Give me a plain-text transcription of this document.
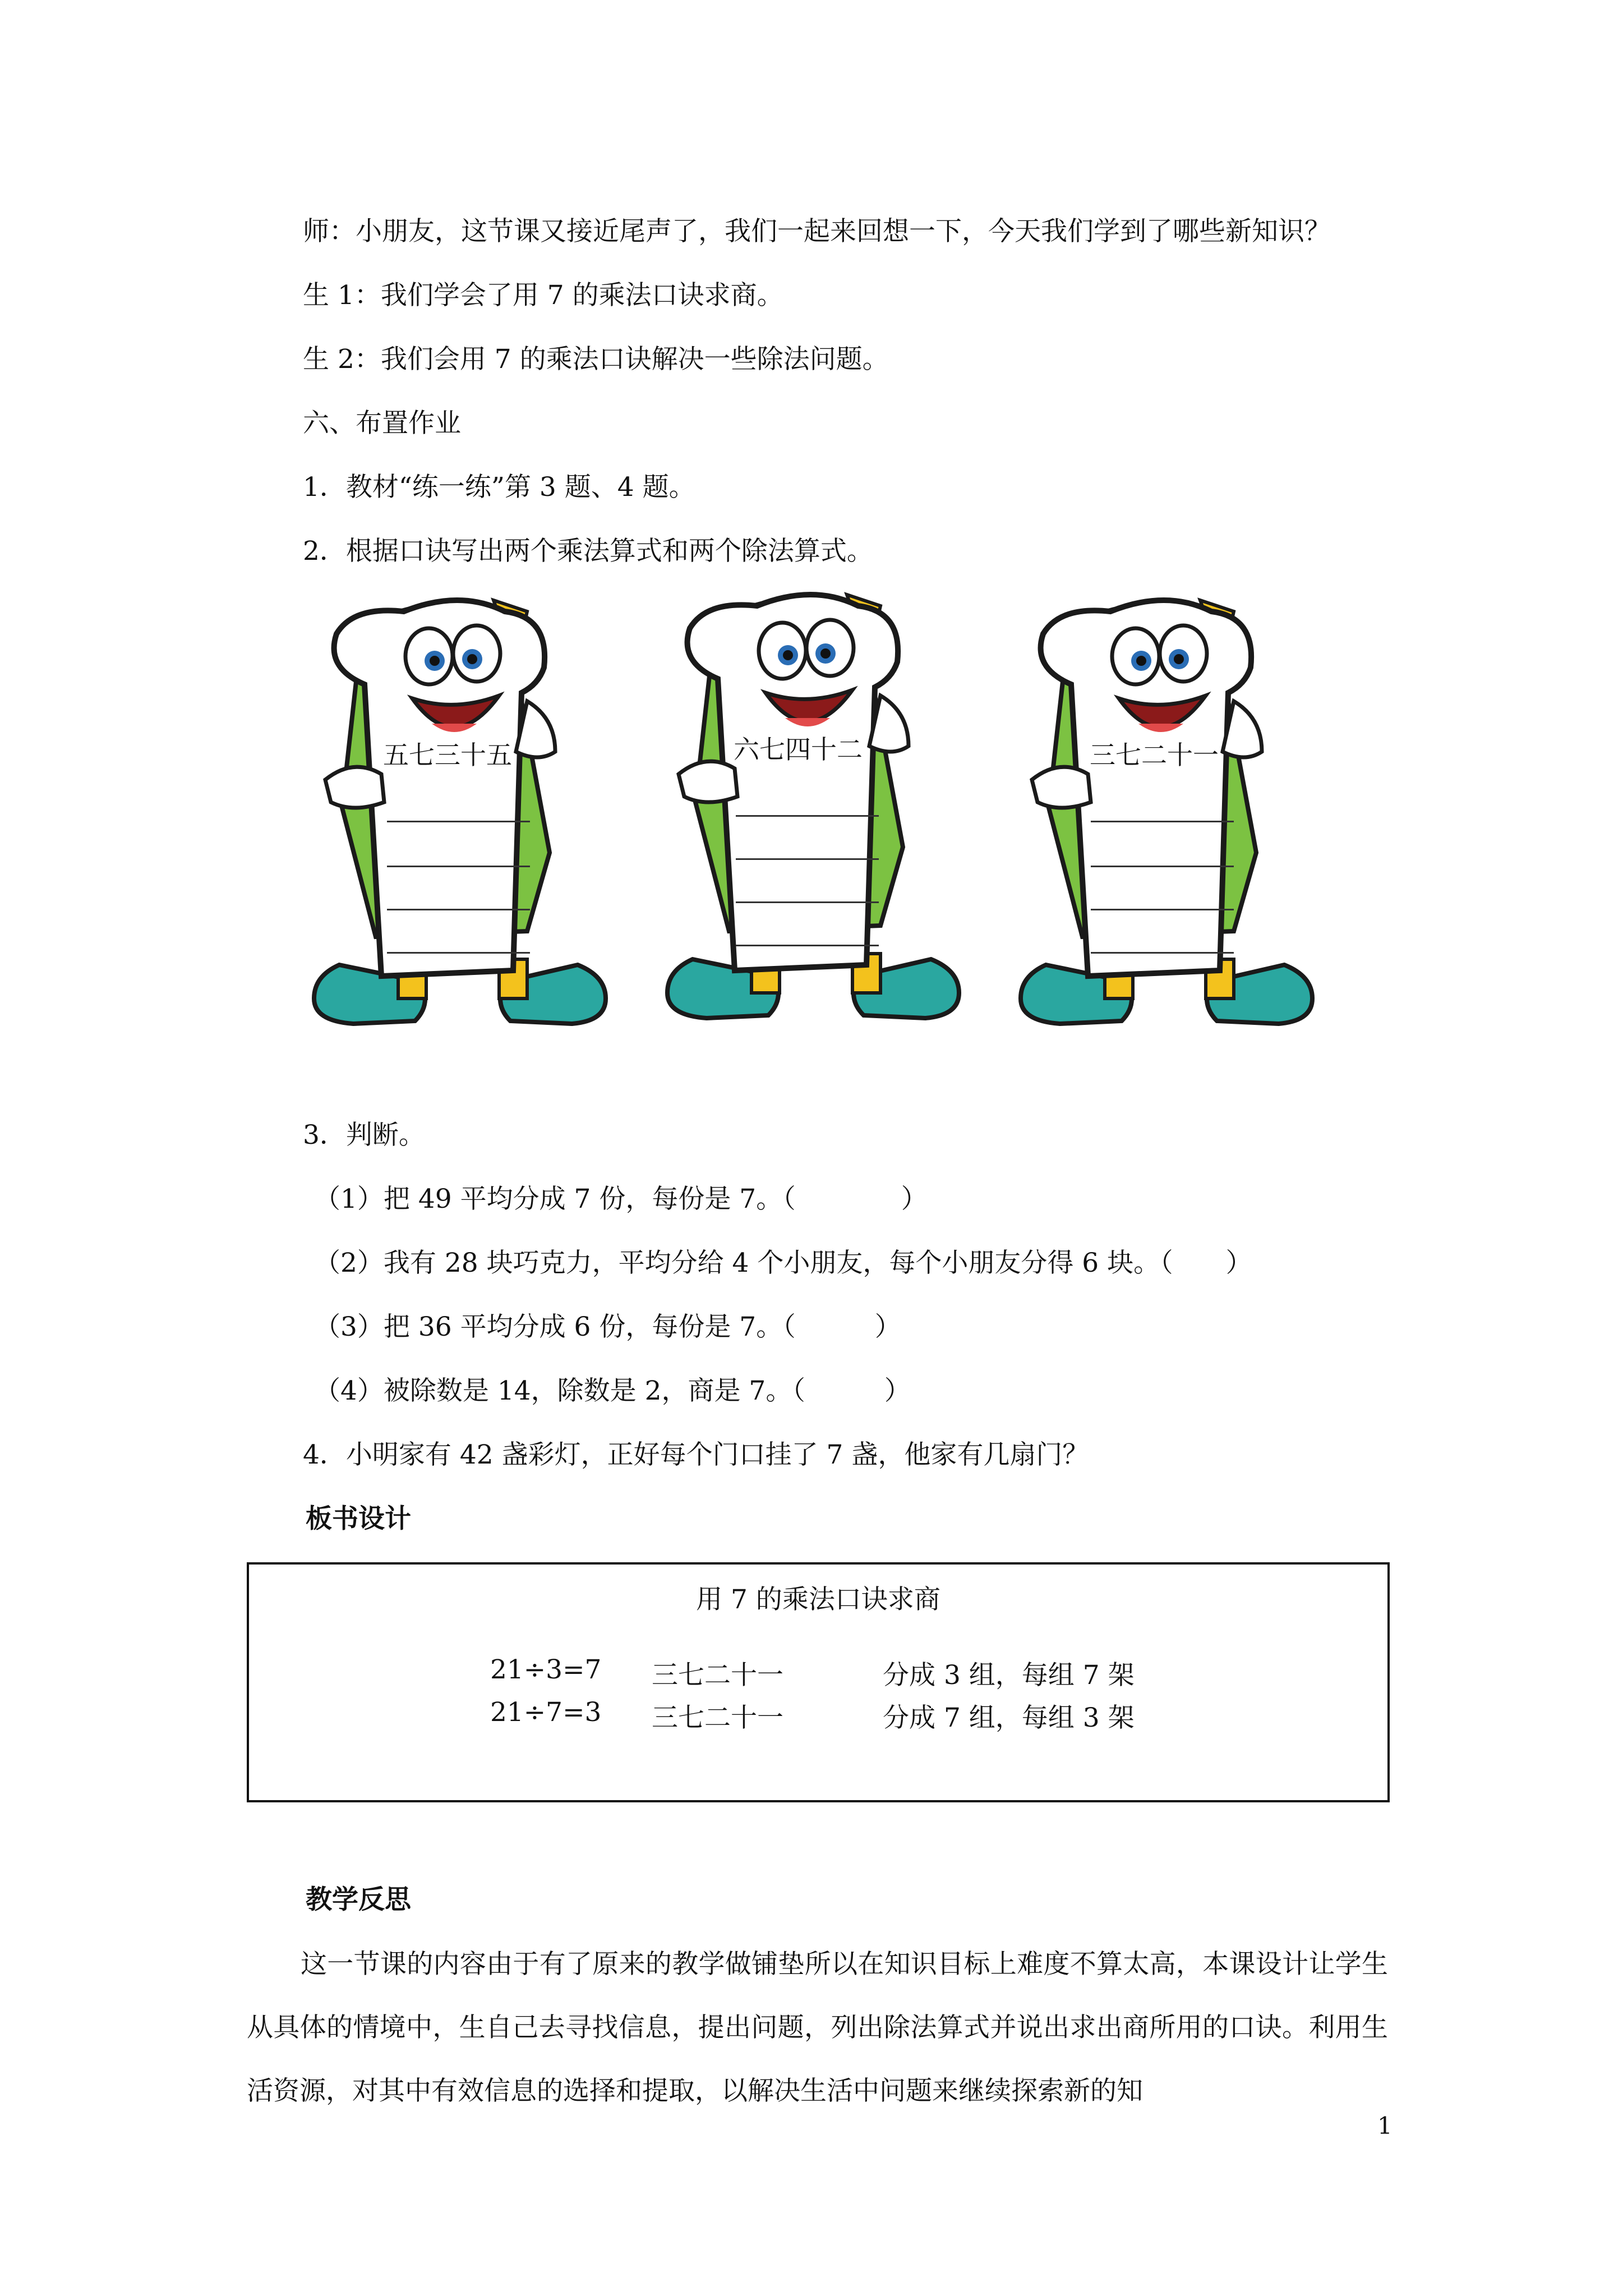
师：小朋友，这节课又接近尾声了，我们一起来回想一下，今天我们学到了哪些新知识？
生 1：我们学会了用 7 的乘法口诀求商。
生 2：我们会用 7 的乘法口诀解决一些除法问题。
六、布置作业
1．教材“练一练”第 3 题、4 题。
2．根据口诀写出两个乘法算式和两个除法算式。
五七三十五	六七四十二	三七二十一
3．判断。
（1）把 49 平均分成 7 份，每份是 7。（　　　　）
（2）我有 28 块巧克力，平均分给 4 个小朋友，每个小朋友分得 6 块。（　　）
（3）把 36 平均分成 6 份，每份是 7。（　　　）
（4）被除数是 14，除数是 2，商是 7。（　　　）
4．小明家有 42 盏彩灯，正好每个门口挂了 7 盏，他家有几扇门？
板书设计
用 7 的乘法口诀求商
21÷3=7 三七二十一	分成 3 组，每组 7 架
21÷7=3 三七二十一	分成 7 组，每组 3 架
教学反思
这一节课的内容由于有了原来的教学做铺垫所以在知识目标上难度不算太高，本课设计让学生从具体的情境中，生自己去寻找信息，提出问题，列出除法算式并说出求出商所用的口诀。利用生活资源，对其中有效信息的选择和提取，以解决生活中问题来继续探索新的知
1
